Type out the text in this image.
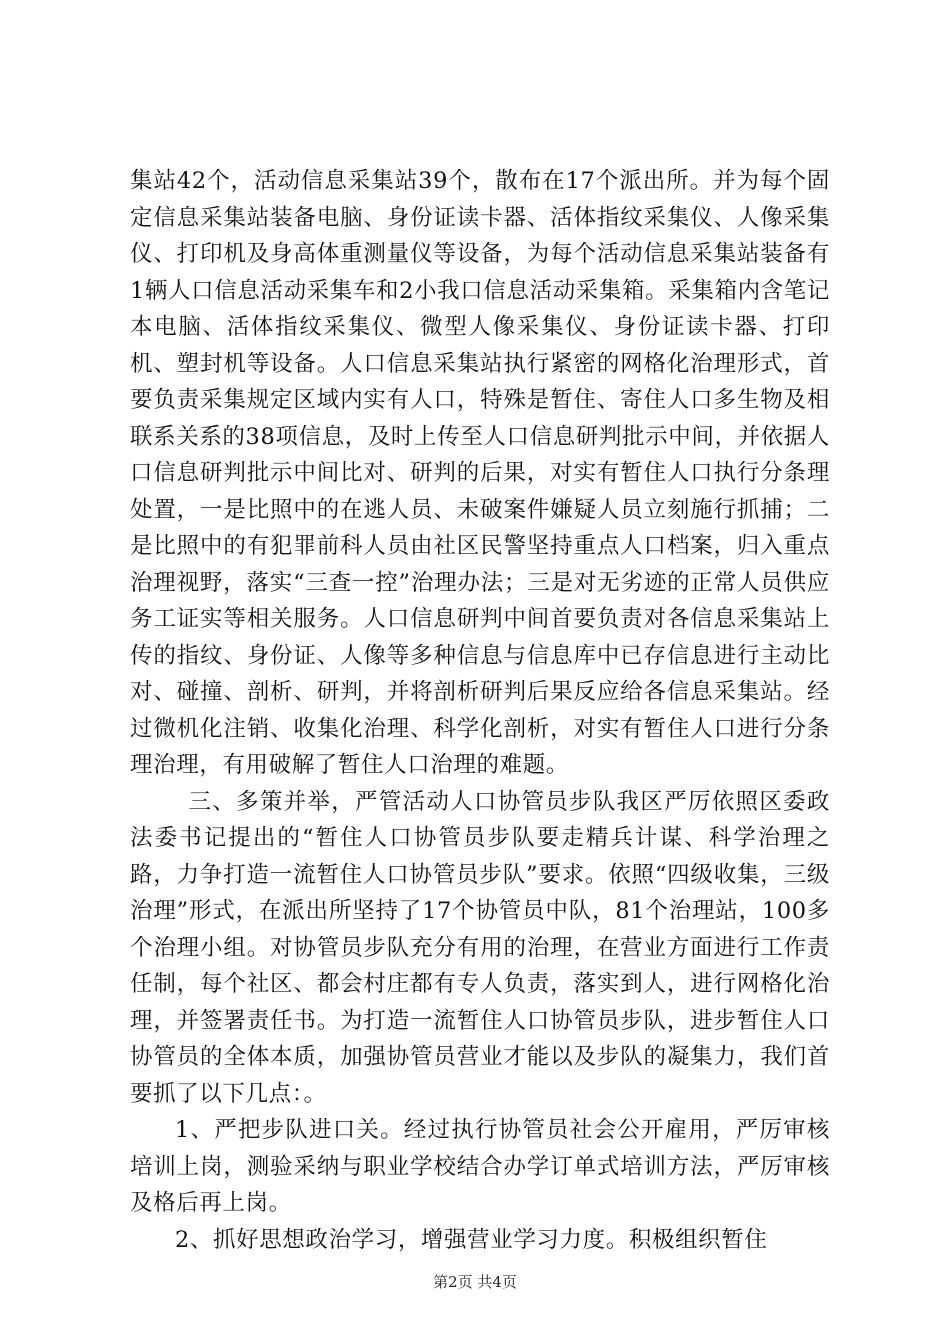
集站42个，活动信息采集站39个，散布在17个派出所。并为每个固定信息采集站装备电脑、身份证读卡器、活体指纹采集仪、人像采集仪、打印机及身高体重测量仪等设备，为每个活动信息采集站装备有1辆人口信息活动采集车和2小我口信息活动采集箱。采集箱内含笔记本电脑、活体指纹采集仪、微型人像采集仪、身份证读卡器、打印机、塑封机等设备。人口信息采集站执行紧密的网格化治理形式，首要负责采集规定区域内实有人口，特殊是暂住、寄住人口多生物及相联系关系的38项信息，及时上传至人口信息研判批示中间，并依据人口信息研判批示中间比对、研判的后果，对实有暂住人口执行分条理处置，一是比照中的在逃人员、未破案件嫌疑人员立刻施行抓捕；二是比照中的有犯罪前科人员由社区民警坚持重点人口档案，归入重点治理视野，落实“三查一控”治理办法；三是对无劣迹的正常人员供应务工证实等相关服务。人口信息研判中间首要负责对各信息采集站上传的指纹、身份证、人像等多种信息与信息库中已存信息进行主动比对、碰撞、剖析、研判，并将剖析研判后果反应给各信息采集站。经过微机化注销、收集化治理、科学化剖析，对实有暂住人口进行分条理治理，有用破解了暂住人口治理的难题。

三、多策并举，严管活动人口协管员步队我区严厉依照区委政法委书记提出的“暂住人口协管员步队要走精兵计谋、科学治理之路，力争打造一流暂住人口协管员步队”要求。依照“四级收集，三级治理”形式，在派出所坚持了17个协管员中队，81个治理站，100多个治理小组。对协管员步队充分有用的治理，在营业方面进行工作责任制，每个社区、都会村庄都有专人负责，落实到人，进行网格化治理，并签署责任书。为打造一流暂住人口协管员步队，进步暂住人口协管员的全体本质，加强协管员营业才能以及步队的凝集力，我们首要抓了以下几点：。

1、严把步队进口关。经过执行协管员社会公开雇用，严厉审核培训上岗，测验采纳与职业学校结合办学订单式培训方法，严厉审核及格后再上岗。

2、抓好思想政治学习，增强营业学习力度。积极组织暂住

第2页 共4页
